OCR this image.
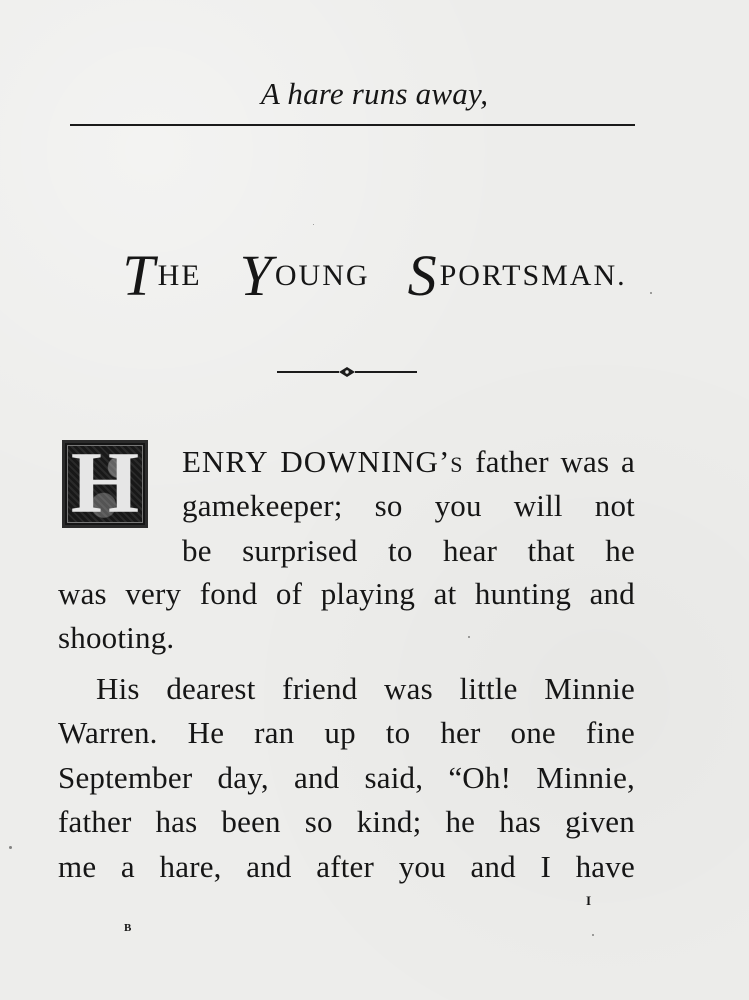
A hare runs away,
THE YOUNG SPORTSMAN.
H ENRY DOWNING’s father was a
gamekeeper; so you will not
be surprised to hear that he
was very fond of playing at hunting and
shooting.
His dearest friend was little Minnie
Warren. He ran up to her one fine
September day, and said, “Oh! Minnie,
father has been so kind; he has given
me a hare, and after you and I have
I
B
